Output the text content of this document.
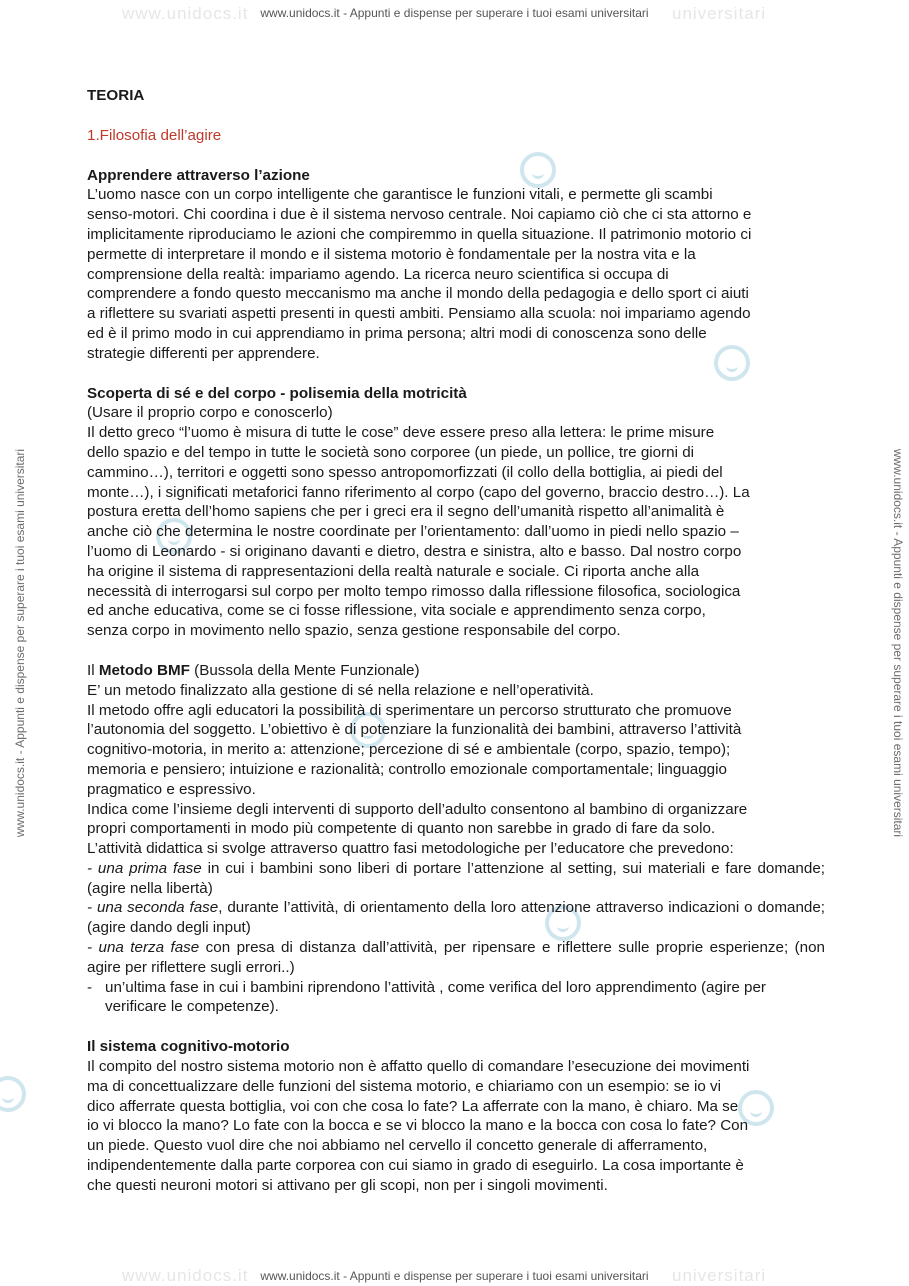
www.unidocs.it	universitari
www.unidocs.it	universitari
www.unidocs.it - Appunti e dispense per superare i tuoi esami universitari
www.unidocs.it - Appunti e dispense per superare i tuoi esami universitari
www.unidocs.it - Appunti e dispense per superare i tuoi esami universitari	www.unidocs.it - Appunti e dispense per superare i tuoi esami universitari

TEORIA

1.Filosofia dell’agire

Apprendere attraverso l’azione

L’uomo nasce con un corpo intelligente che garantisce le funzioni vitali, e permette gli scambi

senso-motori. Chi coordina i due è il sistema nervoso centrale. Noi capiamo ciò che ci sta attorno e

implicitamente riproduciamo le azioni che compiremmo in quella situazione. Il patrimonio motorio ci

permette di interpretare il mondo e il sistema motorio è fondamentale per la nostra vita e la

comprensione della realtà: impariamo agendo. La ricerca neuro scientifica si occupa di

comprendere a fondo questo meccanismo ma anche il mondo della pedagogia e dello sport ci aiuti

a riflettere su svariati aspetti presenti in questi ambiti. Pensiamo alla scuola: noi impariamo agendo

ed è il primo modo in cui apprendiamo in prima persona; altri modi di conoscenza sono delle

strategie differenti per apprendere.

Scoperta di sé e del corpo - polisemia della motricità

(Usare il proprio corpo e conoscerlo)

Il detto greco “l’uomo è misura di tutte le cose” deve essere preso alla lettera: le prime misure

dello spazio e del tempo in tutte le società sono corporee (un piede, un pollice, tre giorni di

cammino…), territori e oggetti sono spesso antropomorfizzati (il collo della bottiglia, ai piedi del

monte…), i significati metaforici fanno riferimento al corpo (capo del governo, braccio destro…). La

postura eretta dell’homo sapiens che per i greci era il segno dell’umanità rispetto all’animalità è

anche ciò che determina le nostre coordinate per l’orientamento: dall’uomo in piedi nello spazio –

l’uomo di Leonardo - si originano davanti e dietro, destra e sinistra, alto e basso. Dal nostro corpo

ha origine il sistema di rappresentazioni della realtà naturale e sociale. Ci riporta anche alla

necessità di interrogarsi sul corpo per molto tempo rimosso dalla riflessione filosofica, sociologica

ed anche educativa, come se ci fosse riflessione, vita sociale e apprendimento senza corpo,

senza corpo in movimento nello spazio, senza gestione responsabile del corpo.

Il Metodo BMF (Bussola della Mente Funzionale)

E’ un metodo finalizzato alla gestione di sé nella relazione e nell’operatività.

Il metodo offre agli educatori la possibilità di sperimentare un percorso strutturato che promuove

l’autonomia del soggetto. L’obiettivo è di potenziare la funzionalità dei bambini, attraverso l’attività

cognitivo-motoria, in merito a: attenzione; percezione di sé e ambientale (corpo, spazio, tempo);

memoria e pensiero; intuizione e razionalità; controllo emozionale comportamentale; linguaggio

pragmatico e espressivo.

Indica come l’insieme degli interventi di supporto dell’adulto consentono al bambino di organizzare

propri comportamenti in modo più competente di quanto non sarebbe in grado di fare da solo.

L’attività didattica si svolge attraverso quattro fasi metodologiche per l’educatore che prevedono:

- una prima fase in cui i bambini sono liberi di portare l’attenzione al setting, sui materiali e fare domande; (agire nella libertà)

- una seconda fase, durante l’attività, di orientamento della loro attenzione attraverso indicazioni o domande; (agire dando degli input)

- una terza fase con presa di distanza dall’attività, per ripensare e riflettere sulle proprie esperienze; (non agire per riflettere sugli errori..)

- un’ultima fase in cui i bambini riprendono l’attività , come verifica del loro apprendimento (agire per verificare le competenze).

Il sistema cognitivo-motorio

Il compito del nostro sistema motorio non è affatto quello di comandare l’esecuzione dei movimenti

ma di concettualizzare delle funzioni del sistema motorio, e chiariamo con un esempio: se io vi

dico afferrate questa bottiglia, voi con che cosa lo fate? La afferrate con la mano, è chiaro. Ma se

io vi blocco la mano? Lo fate con la bocca e se vi blocco la mano e la bocca con cosa lo fate? Con

un piede. Questo vuol dire che noi abbiamo nel cervello il concetto generale di afferramento,

indipendentemente dalla parte corporea con cui siamo in grado di eseguirlo. La cosa importante è

che questi neuroni motori si attivano per gli scopi, non per i singoli movimenti.
